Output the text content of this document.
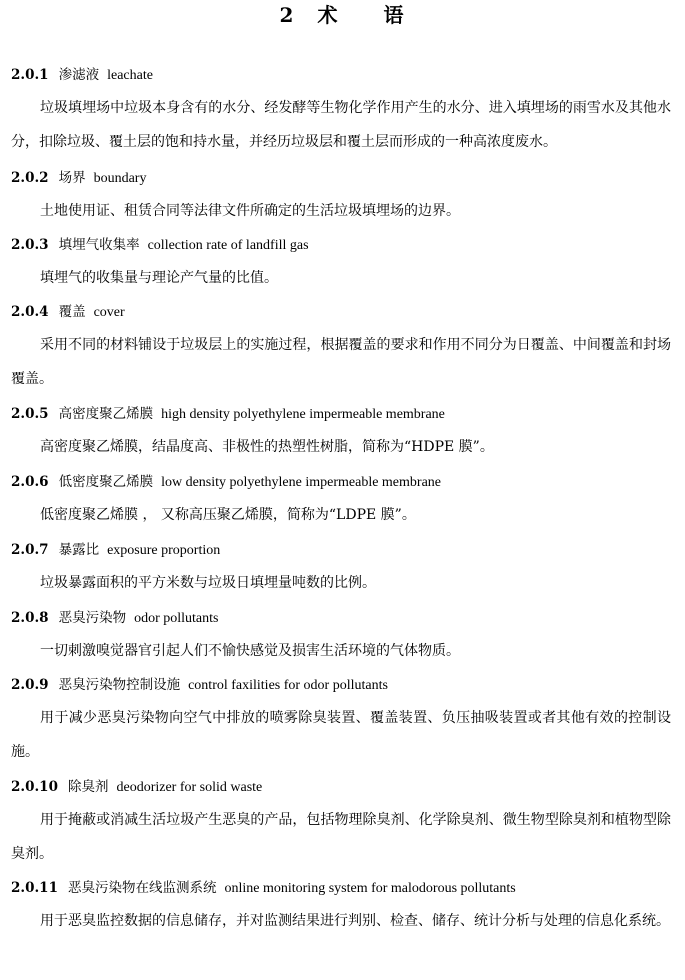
2　术　　语
2.0.1 渗滤液 leachate
垃圾填埋场中垃圾本身含有的水分、经发酵等生物化学作用产生的水分、进入填埋场的雨雪水及其他水分，扣除垃圾、覆土层的饱和持水量，并经历垃圾层和覆土层而形成的一种高浓度废水。
2.0.2 场界 boundary
土地使用证、租赁合同等法律文件所确定的生活垃圾填埋场的边界。
2.0.3 填埋气收集率 collection rate of landfill gas
填埋气的收集量与理论产气量的比值。
2.0.4 覆盖 cover
采用不同的材料铺设于垃圾层上的实施过程，根据覆盖的要求和作用不同分为日覆盖、中间覆盖和封场覆盖。
2.0.5 高密度聚乙烯膜 high density polyethylene impermeable membrane
高密度聚乙烯膜，结晶度高、非极性的热塑性树脂，简称为“HDPE 膜”。
2.0.6 低密度聚乙烯膜 low density polyethylene impermeable membrane
低密度聚乙烯膜 ， 又称高压聚乙烯膜，简称为“LDPE 膜”。
2.0.7 暴露比 exposure proportion
垃圾暴露面积的平方米数与垃圾日填埋量吨数的比例。
2.0.8 恶臭污染物 odor pollutants
一切刺激嗅觉器官引起人们不愉快感觉及损害生活环境的气体物质。
2.0.9 恶臭污染物控制设施 control faxilities for odor pollutants
用于减少恶臭污染物向空气中排放的喷雾除臭装置、覆盖装置、负压抽吸装置或者其他有效的控制设施。
2.0.10 除臭剂 deodorizer for solid waste
用于掩蔽或消减生活垃圾产生恶臭的产品，包括物理除臭剂、化学除臭剂、微生物型除臭剂和植物型除臭剂。
2.0.11 恶臭污染物在线监测系统 online monitoring system for malodorous pollutants
用于恶臭监控数据的信息储存，并对监测结果进行判别、检查、储存、统计分析与处理的信息化系统。
